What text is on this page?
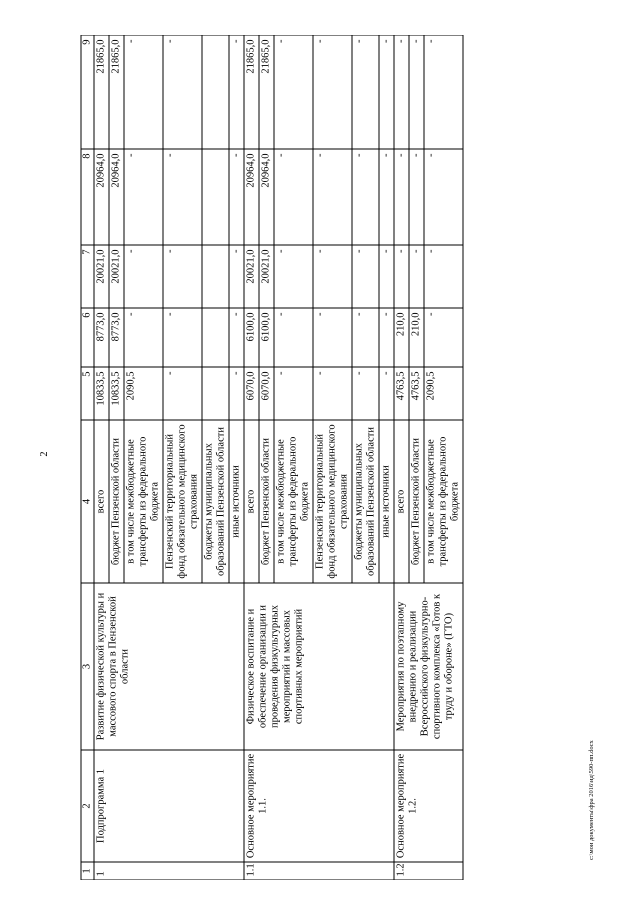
2
1	2	3	4	5	6	7	8	9
1	Подпрограмма 1	Развитие физической культуры и массового спорта в Пензенской области	всего	10833,5	8773,0	20021,0	20964,0	21865,0
			бюджет Пензенской области	10833,5	8773,0	20021,0	20964,0	21865,0
			в том числе межбюджетные трансферты из федерального бюджета	2090,5	-	-	-	-
			Пензенский территориальный фонд обязательного медицинского страхования	-	-	-	-	-
			бюджеты муниципальных образований Пензенской области					
			иные источники	-	-	-	-	-
1.1	Основное мероприятие 1.1.	Физическое воспитание и обеспечение организации и проведения физкультурных мероприятий и массовых спортивных мероприятий	всего	6070,0	6100,0	20021,0	20964,0	21865,0
			бюджет Пензенской области	6070,0	6100,0	20021,0	20964,0	21865,0
			в том числе межбюджетные трансферты из федерального бюджета	-	-	-	-	-
			Пензенский территориальный фонд обязательного медицинского страхования	-	-	-	-	-
			бюджеты муниципальных образований Пензенской области	-	-	-	-	-
			иные источники	-	-	-	-	-
1.2	Основное мероприятие 1.2.	Мероприятия по поэтапному внедрению и реализации Всероссийского физкультурно-спортивного комплекса «Готов к труду и обороне» (ГТО)	всего	4763,5	210,0	-	-	-
			бюджет Пензенской области	4763,5	210,0	-	-	-
			в том числе межбюджетные трансферты из федерального бюджета	2090,5	-	-	-	-
c:\мои документы\фра 2016\ид\590-пп.docx
